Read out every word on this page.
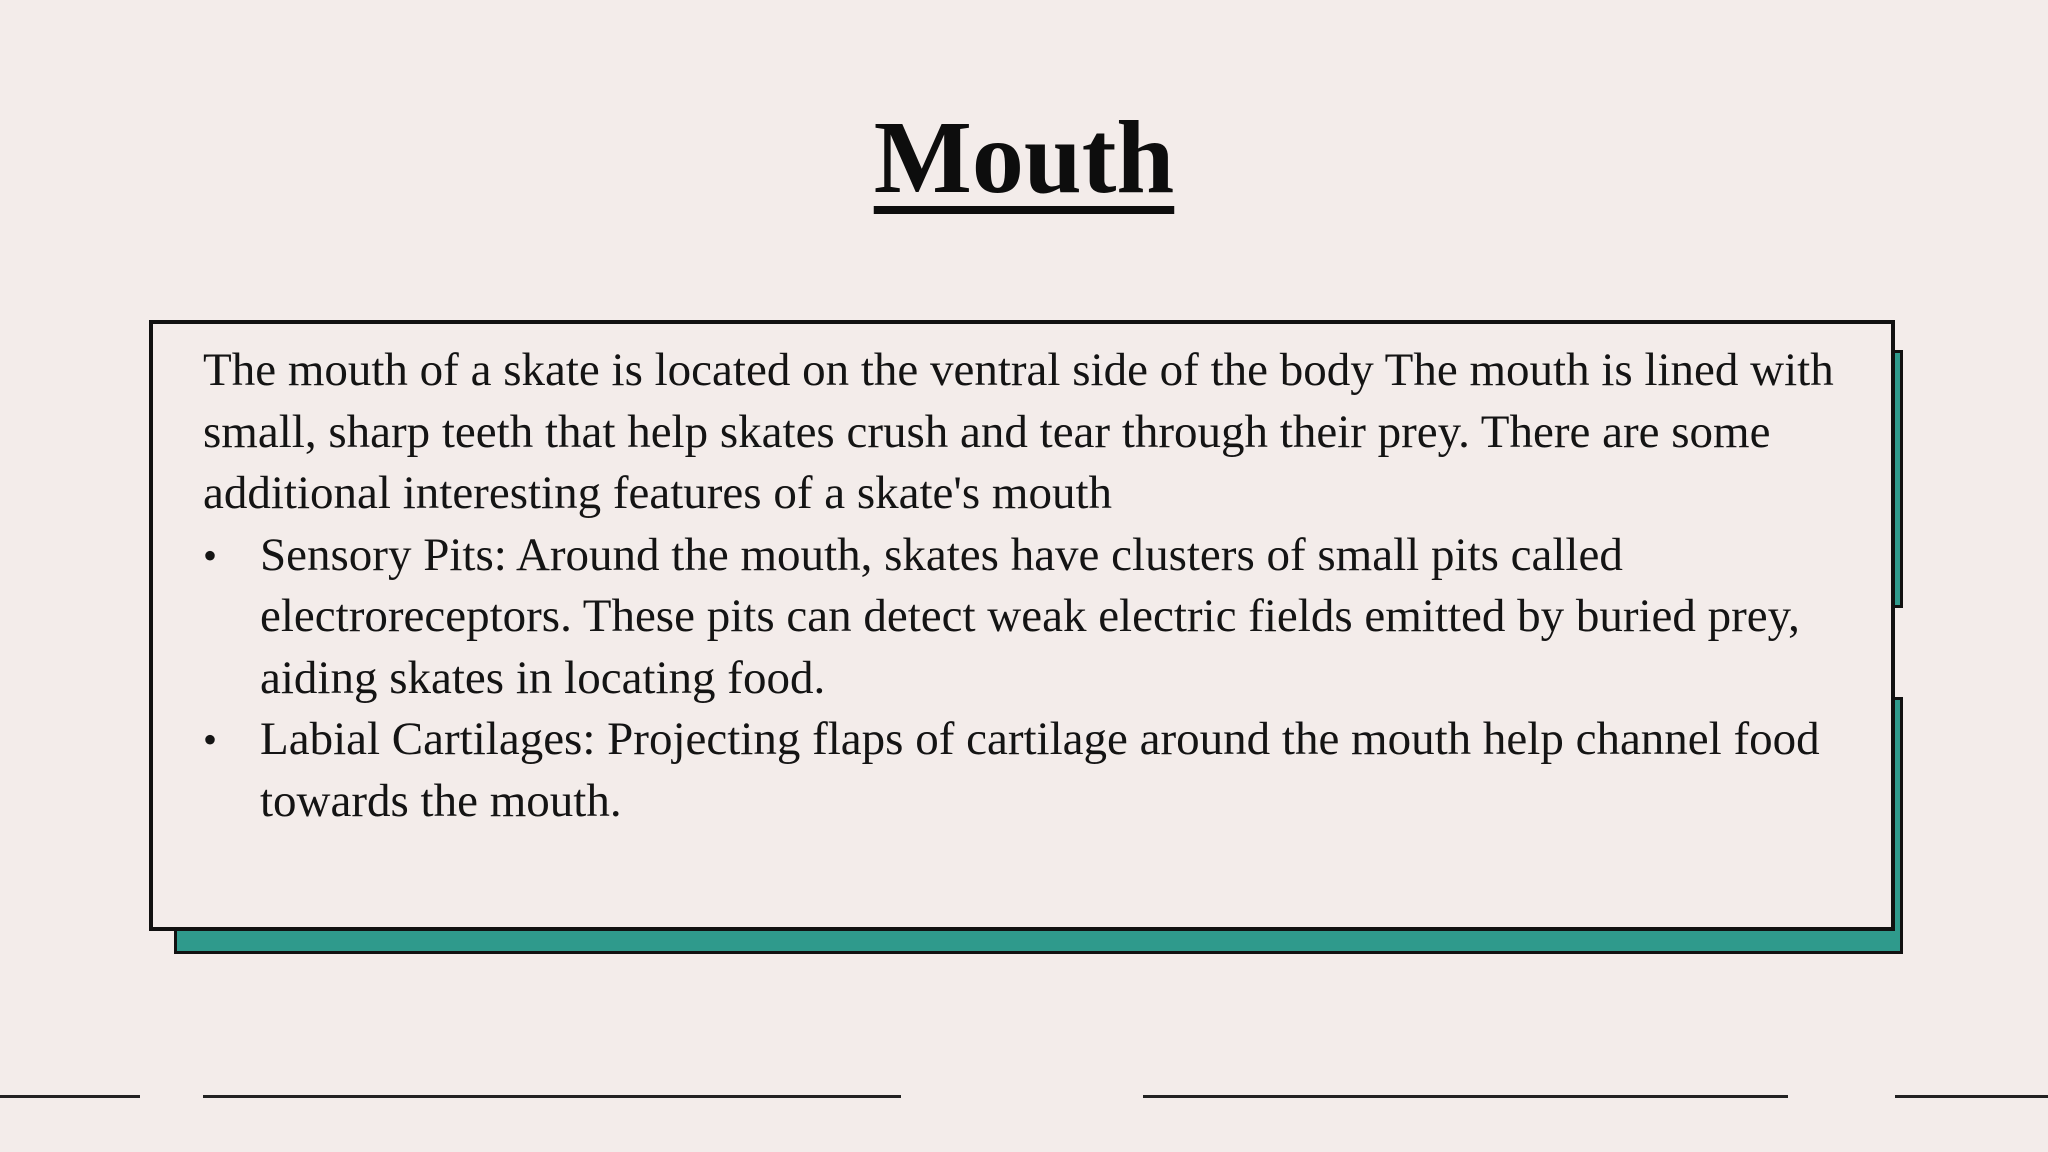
Mouth

The mouth of a skate is located on the ventral side of the body The mouth is lined with small, sharp teeth that help skates crush and tear through their prey. There are some additional interesting features of a skate's mouth

• Sensory Pits: Around the mouth, skates have clusters of small pits called electroreceptors. These pits can detect weak electric fields emitted by buried prey, aiding skates in locating food.
• Labial Cartilages: Projecting flaps of cartilage around the mouth help channel food towards the mouth.
